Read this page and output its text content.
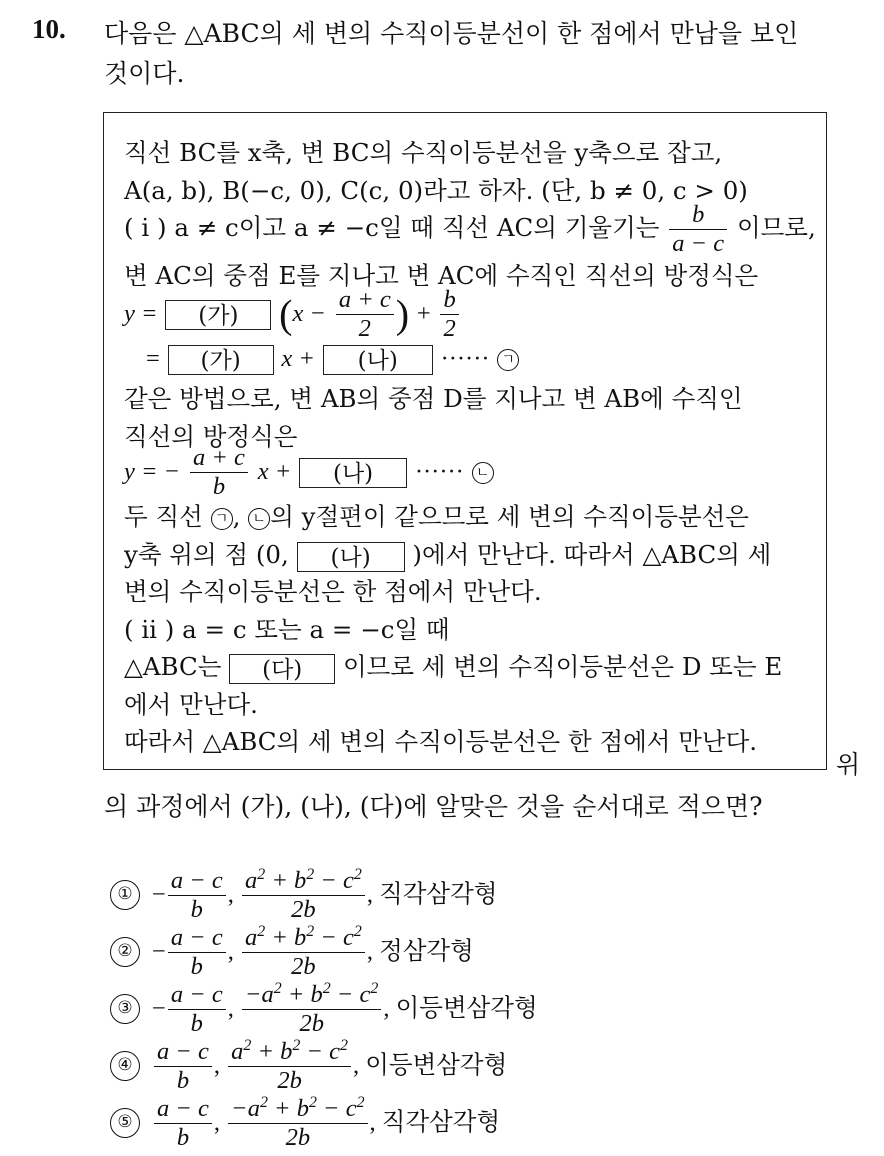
10. 다음은 △ABC의 세 변의 수직이등분선이 한 점에서 만남을 보인
것이다.
직선 BC를 x축, 변 BC의 수직이등분선을 y축으로 잡고,
A(a, b), B(−c, 0), C(c, 0)라고 하자. (단, b ≠ 0, c > 0)
( i ) a ≠ c이고 a ≠ −c일 때 직선 AC의 기울기는 $\frac{b}{a - c}$ 이므로,
변 AC의 중점 E를 지나고 변 AC에 수직인 직선의 방정식은
y = (가) ($x - \frac{a + c}{2}$ ) + $\frac{b}{2}$
= (가) x + (나) ······ ㄱ
같은 방법으로, 변 AB의 중점 D를 지나고 변 AB에 수직인
직선의 방정식은
y = − $\frac{a + c}{b}$ x + (나) ······ ㄴ
두 직선 ㄱ , ㄴ 의 y절편이 같으므로 세 변의 수직이등분선은
y축 위의 점 (0, (나) )에서 만난다. 따라서 △ABC의 세
변의 수직이등분선은 한 점에서 만난다.
( ii ) a = c 또는 a = −c일 때
△ABC는 (다) 이므로 세 변의 수직이등분선은 D 또는 E
에서 만난다.
따라서 △ABC의 세 변의 수직이등분선은 한 점에서 만난다.
위
의 과정에서 (가), (나), (다)에 알맞은 것을 순서대로 적으면?
① − $\frac{a - c}{b}$ , $\frac{a^2 + b^2 - c^2}{2b}$ , 직각삼각형
② − $\frac{a - c}{b}$ , $\frac{a^2 + b^2 - c^2}{2b}$ , 정삼각형
③ − $\frac{a - c}{b}$ , $\frac{-a^2 + b^2 - c^2}{2b}$ , 이등변삼각형
④ $\frac{a - c}{b}$ , $\frac{a^2 + b^2 - c^2}{2b}$ , 이등변삼각형
⑤ $\frac{a - c}{b}$ , $\frac{-a^2 + b^2 - c^2}{2b}$ , 직각삼각형
